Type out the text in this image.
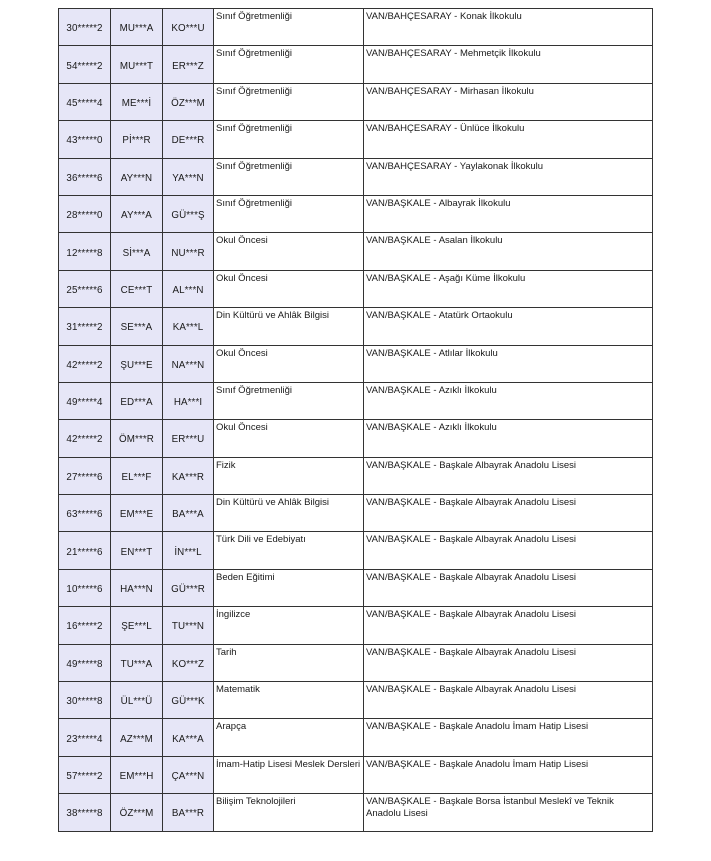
30*****2	MU***A	KO***U	Sınıf Öğretmenliği	VAN/BAHÇESARAY - Konak İlkokulu
54*****2	MU***T	ER***Z	Sınıf Öğretmenliği	VAN/BAHÇESARAY - Mehmetçik İlkokulu
45*****4	ME***İ	ÖZ***M	Sınıf Öğretmenliği	VAN/BAHÇESARAY - Mirhasan İlkokulu
43*****0	Pİ***R	DE***R	Sınıf Öğretmenliği	VAN/BAHÇESARAY - Ünlüce İlkokulu
36*****6	AY***N	YA***N	Sınıf Öğretmenliği	VAN/BAHÇESARAY - Yaylakonak İlkokulu
28*****0	AY***A	GÜ***Ş	Sınıf Öğretmenliği	VAN/BAŞKALE - Albayrak İlkokulu
12*****8	Sİ***A	NU***R	Okul Öncesi	VAN/BAŞKALE - Asalan İlkokulu
25*****6	CE***T	AL***N	Okul Öncesi	VAN/BAŞKALE - Aşağı Küme İlkokulu
31*****2	SE***A	KA***L	Din Kültürü ve Ahlâk Bilgisi	VAN/BAŞKALE - Atatürk Ortaokulu
42*****2	ŞU***E	NA***N	Okul Öncesi	VAN/BAŞKALE - Atlılar İlkokulu
49*****4	ED***A	HA***I	Sınıf Öğretmenliği	VAN/BAŞKALE - Azıklı İlkokulu
42*****2	ÖM***R	ER***U	Okul Öncesi	VAN/BAŞKALE - Azıklı İlkokulu
27*****6	EL***F	KA***R	Fizik	VAN/BAŞKALE - Başkale Albayrak Anadolu Lisesi
63*****6	EM***E	BA***A	Din Kültürü ve Ahlâk Bilgisi	VAN/BAŞKALE - Başkale Albayrak Anadolu Lisesi
21*****6	EN***T	İN***L	Türk Dili ve Edebiyatı	VAN/BAŞKALE - Başkale Albayrak Anadolu Lisesi
10*****6	HA***N	GÜ***R	Beden Eğitimi	VAN/BAŞKALE - Başkale Albayrak Anadolu Lisesi
16*****2	ŞE***L	TU***N	İngilizce	VAN/BAŞKALE - Başkale Albayrak Anadolu Lisesi
49*****8	TU***A	KO***Z	Tarih	VAN/BAŞKALE - Başkale Albayrak Anadolu Lisesi
30*****8	ÜL***Ü	GÜ***K	Matematik	VAN/BAŞKALE - Başkale Albayrak Anadolu Lisesi
23*****4	AZ***M	KA***A	Arapça	VAN/BAŞKALE - Başkale Anadolu İmam Hatip Lisesi
57*****2	EM***H	ÇA***N	İmam-Hatip Lisesi Meslek Dersleri	VAN/BAŞKALE - Başkale Anadolu İmam Hatip Lisesi
38*****8	ÖZ***M	BA***R	Bilişim Teknolojileri	VAN/BAŞKALE - Başkale Borsa İstanbul Meslekî ve Teknik Anadolu Lisesi
